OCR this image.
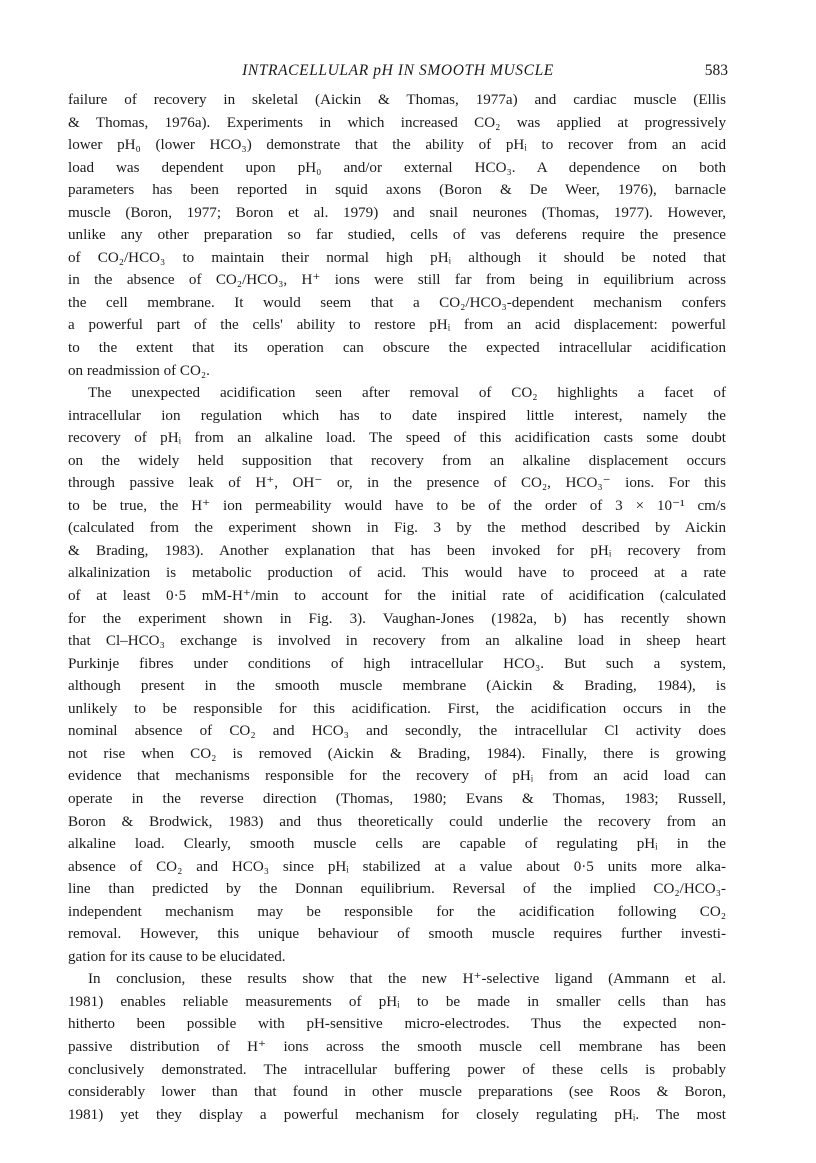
INTRACELLULAR pH IN SMOOTH MUSCLE	583
failure of recovery in skeletal (Aickin & Thomas, 1977a) and cardiac muscle (Ellis
& Thomas, 1976a). Experiments in which increased CO₂ was applied at progressively
lower pH₀ (lower HCO₃) demonstrate that the ability of pHᵢ to recover from an acid
load was dependent upon pH₀ and/or external HCO₃. A dependence on both
parameters has been reported in squid axons (Boron & De Weer, 1976), barnacle
muscle (Boron, 1977; Boron et al. 1979) and snail neurones (Thomas, 1977). However,
unlike any other preparation so far studied, cells of vas deferens require the presence
of CO₂/HCO₃ to maintain their normal high pHᵢ although it should be noted that
in the absence of CO₂/HCO₃, H⁺ ions were still far from being in equilibrium across
the cell membrane. It would seem that a CO₂/HCO₃-dependent mechanism confers
a powerful part of the cells' ability to restore pHᵢ from an acid displacement: powerful
to the extent that its operation can obscure the expected intracellular acidification
on readmission of CO₂.
The unexpected acidification seen after removal of CO₂ highlights a facet of
intracellular ion regulation which has to date inspired little interest, namely the
recovery of pHᵢ from an alkaline load. The speed of this acidification casts some doubt
on the widely held supposition that recovery from an alkaline displacement occurs
through passive leak of H⁺, OH⁻ or, in the presence of CO₂, HCO₃⁻ ions. For this
to be true, the H⁺ ion permeability would have to be of the order of 3 × 10⁻¹ cm/s
(calculated from the experiment shown in Fig. 3 by the method described by Aickin
& Brading, 1983). Another explanation that has been invoked for pHᵢ recovery from
alkalinization is metabolic production of acid. This would have to proceed at a rate
of at least 0·5 mM-H⁺/min to account for the initial rate of acidification (calculated
for the experiment shown in Fig. 3). Vaughan-Jones (1982a, b) has recently shown
that Cl–HCO₃ exchange is involved in recovery from an alkaline load in sheep heart
Purkinje fibres under conditions of high intracellular HCO₃. But such a system,
although present in the smooth muscle membrane (Aickin & Brading, 1984), is
unlikely to be responsible for this acidification. First, the acidification occurs in the
nominal absence of CO₂ and HCO₃ and secondly, the intracellular Cl activity does
not rise when CO₂ is removed (Aickin & Brading, 1984). Finally, there is growing
evidence that mechanisms responsible for the recovery of pHᵢ from an acid load can
operate in the reverse direction (Thomas, 1980; Evans & Thomas, 1983; Russell,
Boron & Brodwick, 1983) and thus theoretically could underlie the recovery from an
alkaline load. Clearly, smooth muscle cells are capable of regulating pHᵢ in the
absence of CO₂ and HCO₃ since pHᵢ stabilized at a value about 0·5 units more alka-
line than predicted by the Donnan equilibrium. Reversal of the implied CO₂/HCO₃-
independent mechanism may be responsible for the acidification following CO₂
removal. However, this unique behaviour of smooth muscle requires further investi-
gation for its cause to be elucidated.
In conclusion, these results show that the new H⁺-selective ligand (Ammann et al.
1981) enables reliable measurements of pHᵢ to be made in smaller cells than has
hitherto been possible with pH-sensitive micro-electrodes. Thus the expected non-
passive distribution of H⁺ ions across the smooth muscle cell membrane has been
conclusively demonstrated. The intracellular buffering power of these cells is probably
considerably lower than that found in other muscle preparations (see Roos & Boron,
1981) yet they display a powerful mechanism for closely regulating pHᵢ. The most
